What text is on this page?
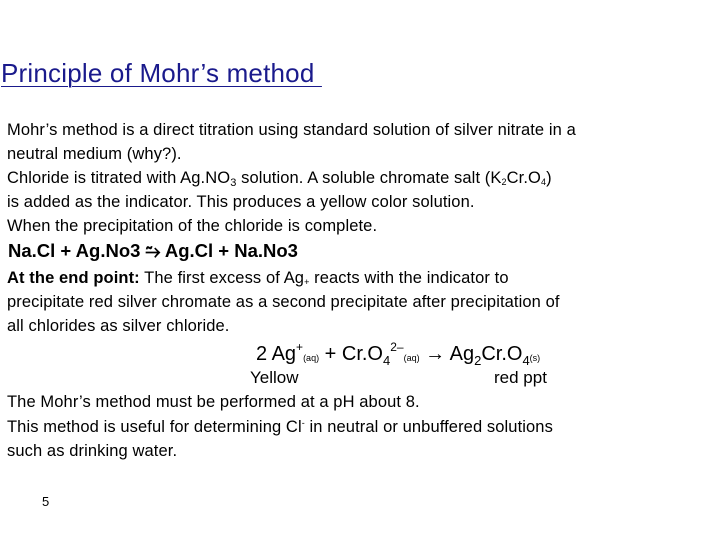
Principle of Mohr’s method
Mohr’s method is a direct titration using standard solution of silver nitrate in a
neutral medium (why?).
Chloride is titrated with $Ag.NO_3$ solution. A soluble chromate salt (K2Cr.O4)
is added as the indicator. This produces a yellow color solution.
When the precipitation of the chloride is complete.
Na.Cl + Ag.No3 ⥲ Ag.Cl + Na.No3
At the end point: The first excess of Ag+ reacts with the indicator to
precipitate red silver chromate as a second precipitate after precipitation of
all chlorides as silver chloride.
2 $Ag^+(aq) + Cr.O_4^{2-}(aq) \to Ag_2Cr.O_4(s)$
Yellow	red ppt
The Mohr’s method must be performed at a pH about 8.
This method is useful for determining Cl- in neutral or unbuffered solutions
such as drinking water.
5
